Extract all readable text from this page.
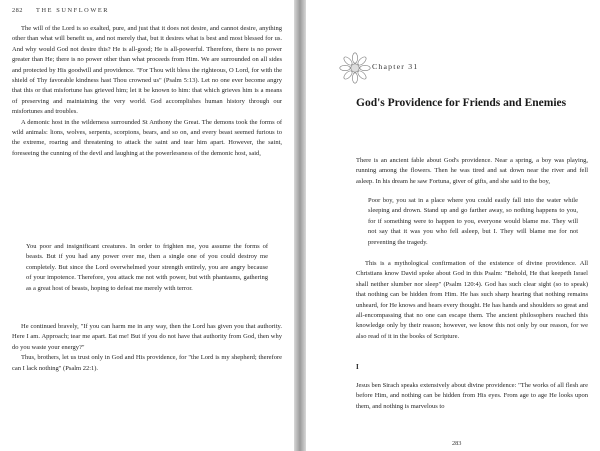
282 THE SUNFLOWER

The will of the Lord is so exalted, pure, and just that it does not desire, and cannot desire, anything other than what will benefit us, and not merely that, but it desires what is best and most blessed for us. And why would God not desire this? He is all-good; He is all-powerful. Therefore, there is no power greater than He; there is no power other than what proceeds from Him. We are surrounded on all sides and protected by His goodwill and providence. "For Thou wilt bless the righteous, O Lord, for with the shield of Thy favorable kindness hast Thou crowned us" (Psalm 5:13). Let no one ever become angry that this or that misfortune has grieved him; let it be known to him: that which grieves him is a means of preserving and maintaining the very world. God accomplishes human history through our misfortunes and troubles.

A demonic host in the wilderness surrounded St Anthony the Great. The demons took the forms of wild animals: lions, wolves, serpents, scorpions, bears, and so on, and every beast seemed furious to the extreme, roaring and threatening to attack the saint and tear him apart. However, the saint, foreseeing the cunning of the devil and laughing at the powerlessness of the demonic host, said,

You poor and insignificant creatures. In order to frighten me, you assume the forms of beasts. But if you had any power over me, then a single one of you could destroy me completely. But since the Lord overwhelmed your strength entirely, you are angry because of your impotence. Therefore, you attack me not with power, but with phantasms, gathering as a great host of beasts, hoping to defeat me merely with terror.

He continued bravely, "If you can harm me in any way, then the Lord has given you that authority. Here I am. Approach; tear me apart. Eat me! But if you do not have that authority from God, then why do you waste your energy?"

Thus, brothers, let us trust only in God and His providence, for "the Lord is my shepherd; therefore can I lack nothing" (Psalm 22:1).

Chapter 31
God's Providence for Friends and Enemies

There is an ancient fable about God's providence. Near a spring, a boy was playing, running among the flowers. Then he was tired and sat down near the river and fell asleep. In his dream he saw Fortuna, giver of gifts, and she said to the boy,

Poor boy, you sat in a place where you could easily fall into the water while sleeping and drown. Stand up and go farther away, so nothing happens to you, for if something were to happen to you, everyone would blame me. They will not say that it was you who fell asleep, but I. They will blame me for not preventing the tragedy.

This is a mythological confirmation of the existence of divine providence. All Christians know David spoke about God in this Psalm: "Behold, He that keepeth Israel shall neither slumber nor sleep" (Psalm 120:4). God has such clear sight (so to speak) that nothing can be hidden from Him. He has such sharp hearing that nothing remains unheard, for He knows and hears every thought. He has hands and shoulders so great and all-encompassing that no one can escape them. The ancient philosophers reached this knowledge only by their reason; however, we know this not only by our reason, for we also read of it in the books of Scripture.

I

Jesus ben Sirach speaks extensively about divine providence: "The works of all flesh are before Him, and nothing can be hidden from His eyes. From age to age He looks upon them, and nothing is marvelous to

283
